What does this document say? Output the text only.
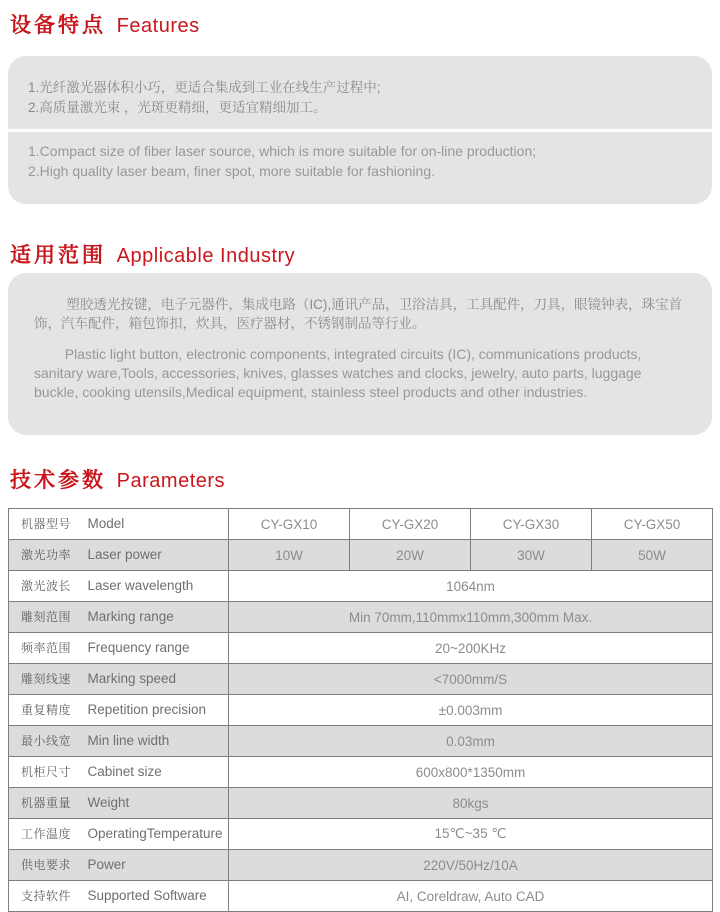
设备特点 Features

1.光纤激光器体积小巧，更适合集成到工业在线生产过程中;

2.高质量激光束 ，光斑更精细，更适宜精细加工。

1.Compact size of fiber laser source, which is more suitable for on-line production;

2.High quality laser beam, finer spot, more suitable for fashioning.

适用范围 Applicable Industry

塑胶透光按键，电子元器件，集成电路（IC),通讯产品，卫浴洁具，工具配件，刀具，眼镜钟表，珠宝首饰，汽车配件，箱包饰扣，炊具，医疗器材，不锈钢制品等行业。

Plastic light button, electronic components, integrated circuits (IC), communications products, sanitary ware,Tools, accessories, knives, glasses watches and clocks, jewelry, auto parts, luggage buckle, cooking utensils,Medical equipment, stainless steel products and other industries.

技术参数 Parameters
机器型号 Model	CY-GX10	CY-GX20	CY-GX30	CY-GX50
激光功率 Laser power	10W	20W	30W	50W
激光波长 Laser wavelength	1064nm			
雕刻范围 Marking range	Min 70mm,110mmx110mm,300mm Max.			
频率范围 Frequency range	20~200KHz			
雕刻线速 Marking speed	<7000mm/S			
重复精度 Repetition precision	±0.003mm			
最小线宽 Min line width	0.03mm			
机柜尺寸 Cabinet size	600x800*1350mm			
机器重量 Weight	80kgs			
工作温度 OperatingTemperature	15℃~35 ℃			
供电要求 Power	220V/50Hz/10A			
支持软件 Supported Software	AI, Coreldraw, Auto CAD			
